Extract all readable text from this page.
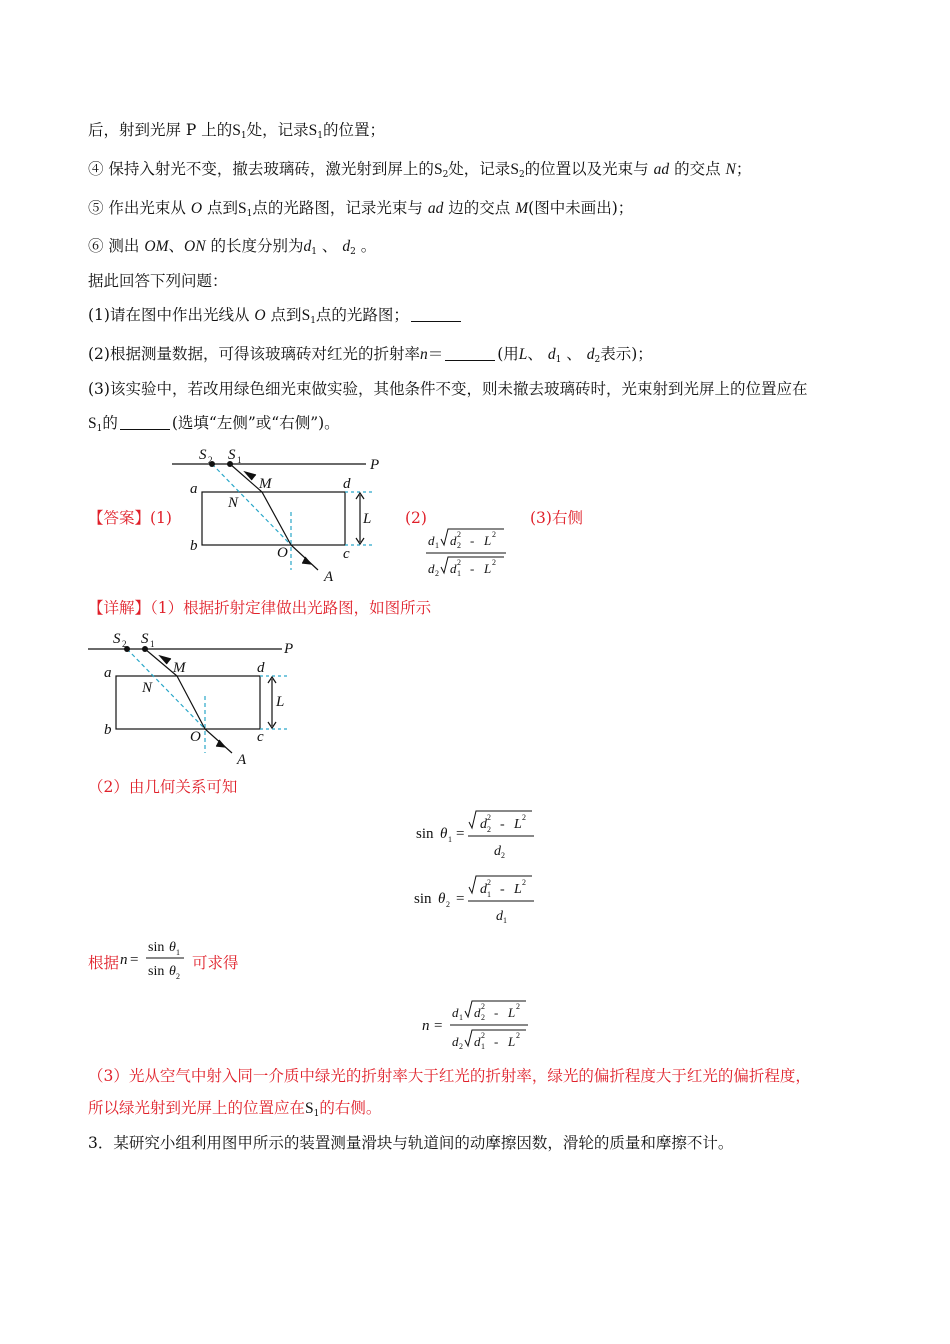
后，射到光屏 P 上的$S_1$处，记录$S_1$的位置；
④ 保持入射光不变，撤去玻璃砖，激光射到屏上的$S_2$处，记录$S_2$的位置以及光束与 ad 的交点 N；
⑤ 作出光束从 O 点到$S_1$点的光路图，记录光束与 ad 边的交点 M(图中未画出)；
⑥ 测出 OM、ON 的长度分别为$d_1$ 、 $d_2$ 。
据此回答下列问题：
(1)请在图中作出光线从 O 点到$S_1$点的光路图；
(2)根据测量数据，可得该玻璃砖对红光的折射率n＝	(用L、 $d_1$ 、 $d_2$表示)；
(3)该实验中，若改用绿色细光束做实验，其他条件不变，则未撤去玻璃砖时，光束射到光屏上的位置应在
$S_1$的	(选填“左侧”或“右侧”)。
S 2 S 1	P
a	d
b	c
N
M
O
A
L
【答案】(1)	(2)	(3)右侧
d 1 d 2
2 - L 2
d 2 d 1
2 - L 2
【详解】（1）根据折射定律做出光路图，如图所示
S 2 S 1	P
a	d
b	c
N
M
O
A
L
（2）由几何关系可知
sin θ 1 =
d 2
2 - L 2
d 2
sin θ 2 =
d 1
2 - L 2
d 1
根据 n =
sin θ 1
sin θ 2
可求得
n =
d 1 d 2
2 - L 2
d 2 d 1
2 - L 2
（3）光从空气中射入同一介质中绿光的折射率大于红光的折射率，绿光的偏折程度大于红光的偏折程度，
所以绿光射到光屏上的位置应在$S_1$的右侧。
3．某研究小组利用图甲所示的装置测量滑块与轨道间的动摩擦因数，滑轮的质量和摩擦不计。
